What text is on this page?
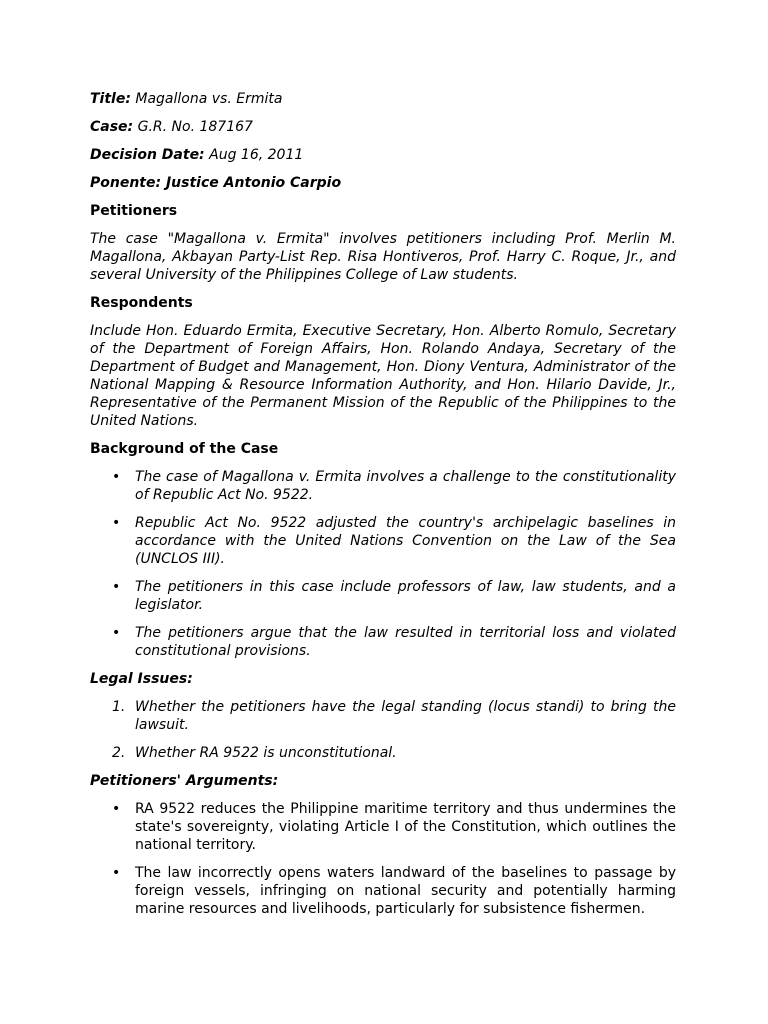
Title: Magallona vs. Ermita

Case: G.R. No. 187167

Decision Date: Aug 16, 2011

Ponente: Justice Antonio Carpio

Petitioners

The case "Magallona v. Ermita" involves petitioners including Prof. Merlin M. Magallona, Akbayan Party-List Rep. Risa Hontiveros, Prof. Harry C. Roque, Jr., and several University of the Philippines College of Law students.

Respondents

Include Hon. Eduardo Ermita, Executive Secretary, Hon. Alberto Romulo, Secretary of the Department of Foreign Affairs, Hon. Rolando Andaya, Secretary of the Department of Budget and Management, Hon. Diony Ventura, Administrator of the National Mapping & Resource Information Authority, and Hon. Hilario Davide, Jr., Representative of the Permanent Mission of the Republic of the Philippines to the United Nations.

Background of the Case

• The case of Magallona v. Ermita involves a challenge to the constitutionality of Republic Act No. 9522.
• Republic Act No. 9522 adjusted the country's archipelagic baselines in accordance with the United Nations Convention on the Law of the Sea (UNCLOS III).
• The petitioners in this case include professors of law, law students, and a legislator.
• The petitioners argue that the law resulted in territorial loss and violated constitutional provisions.

Legal Issues:

1. Whether the petitioners have the legal standing (locus standi) to bring the lawsuit.
2. Whether RA 9522 is unconstitutional.

Petitioners' Arguments:

• RA 9522 reduces the Philippine maritime territory and thus undermines the state's sovereignty, violating Article I of the Constitution, which outlines the national territory.
• The law incorrectly opens waters landward of the baselines to passage by foreign vessels, infringing on national security and potentially harming marine resources and livelihoods, particularly for subsistence fishermen.
